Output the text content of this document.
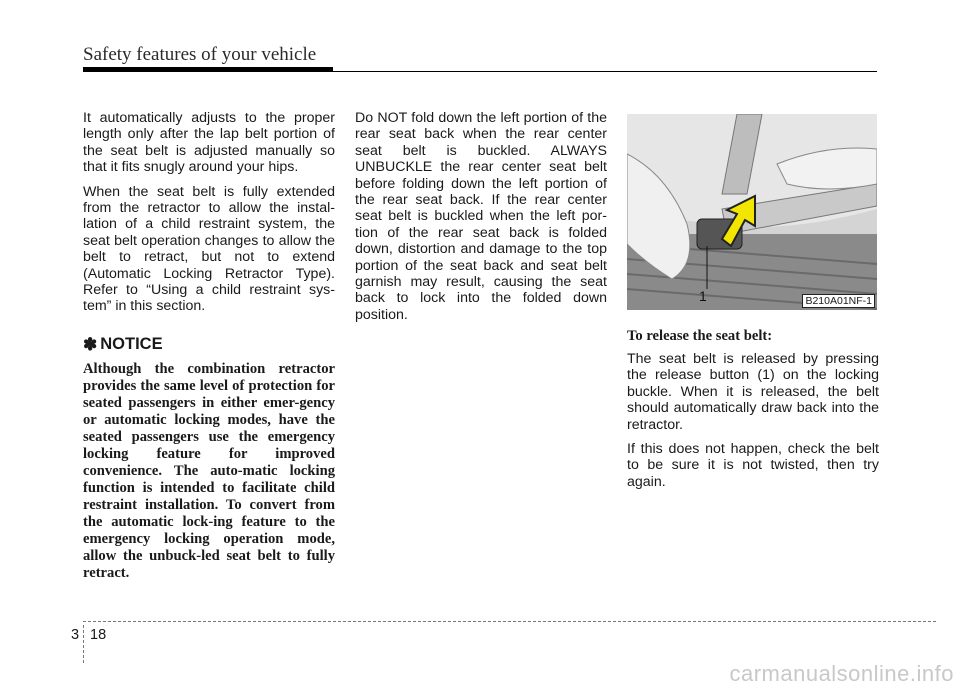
Safety features of your vehicle

It automatically adjusts to the proper length only after the lap belt portion of the seat belt is adjusted manually so that it fits snugly around your hips.

When the seat belt is fully extended from the retractor to allow the instal-lation of a child restraint system, the seat belt operation changes to allow the belt to retract, but not to extend (Automatic Locking Retractor Type). Refer to “Using a child restraint sys-tem” in this section.

✽ NOTICE

Although the combination retractor provides the same level of protection for seated passengers in either emer-gency or automatic locking modes, have the seated passengers use the emergency locking feature for improved convenience. The auto-matic locking function is intended to facilitate child restraint installation. To convert from the automatic lock-ing feature to the emergency locking operation mode, allow the unbuck-led seat belt to fully retract.

Do NOT fold down the left portion of the rear seat back when the rear center seat belt is buckled. ALWAYS UNBUCKLE the rear center seat belt before folding down the left portion of the rear seat back. If the rear center seat belt is buckled when the left por-tion of the rear seat back is folded down, distortion and damage to the top portion of the seat back and seat belt garnish may result, causing the seat back to lock into the folded down position.

1	B210A01NF-1
To release the seat belt:

The seat belt is released by pressing the release button (1) on the locking buckle. When it is released, the belt should automatically draw back into the retractor.

If this does not happen, check the belt to be sure it is not twisted, then try again.

3 18
carmanualsonline.info
